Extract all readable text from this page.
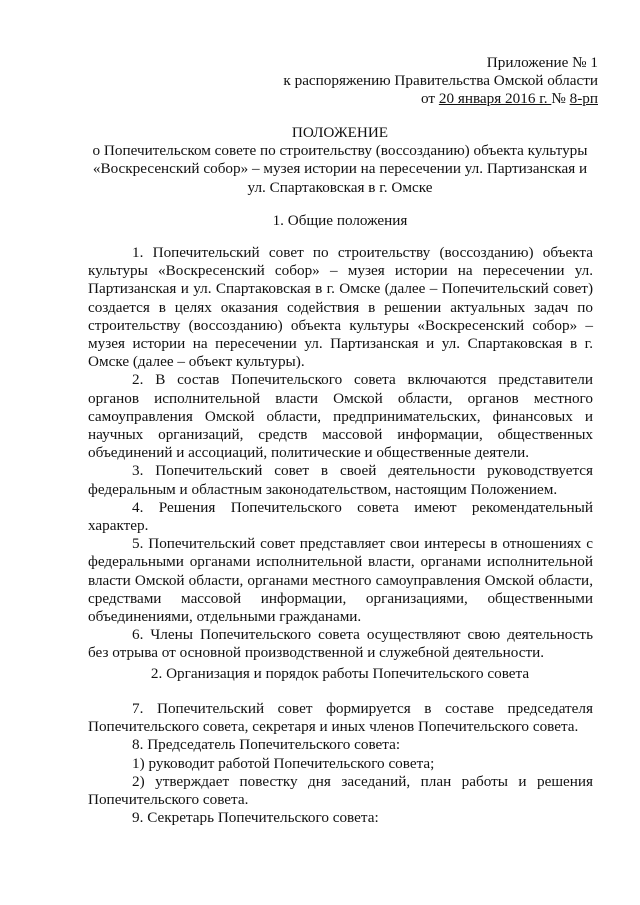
Приложение № 1
к распоряжению Правительства Омской области
от 20 января 2016 г. № 8-рп
ПОЛОЖЕНИЕ
о Попечительском совете по строительству (воссозданию) объекта культуры «Воскресенский собор» – музея истории на пересечении ул. Партизанская и ул. Спартаковская в г. Омске
1. Общие положения

1. Попечительский совет по строительству (воссозданию) объекта культуры «Воскресенский собор» – музея истории на пересечении ул. Партизанская и ул. Спартаковская в г. Омске (далее – Попечительский совет) создается в целях оказания содействия в решении актуальных задач по строительству (воссозданию) объекта культуры «Воскресенский собор» – музея истории на пересечении ул. Партизанская и ул. Спартаковская в г. Омске (далее – объект культуры).

2. В состав Попечительского совета включаются представители органов исполнительной власти Омской области, органов местного самоуправления Омской области, предпринимательских, финансовых и научных организаций, средств массовой информации, общественных объединений и ассоциаций, политические и общественные деятели.

3. Попечительский совет в своей деятельности руководствуется федеральным и областным законодательством, настоящим Положением.

4. Решения Попечительского совета имеют рекомендательный характер.

5. Попечительский совет представляет свои интересы в отношениях с федеральными органами исполнительной власти, органами исполнительной власти Омской области, органами местного самоуправления Омской области, средствами массовой информации, организациями, общественными объединениями, отдельными гражданами.

6. Члены Попечительского совета осуществляют свою деятельность без отрыва от основной производственной и служебной деятельности.

2. Организация и порядок работы Попечительского совета

7. Попечительский совет формируется в составе председателя Попечительского совета, секретаря и иных членов Попечительского совета.

8. Председатель Попечительского совета:

1) руководит работой Попечительского совета;

2) утверждает повестку дня заседаний, план работы и решения Попечительского совета.

9. Секретарь Попечительского совета:
